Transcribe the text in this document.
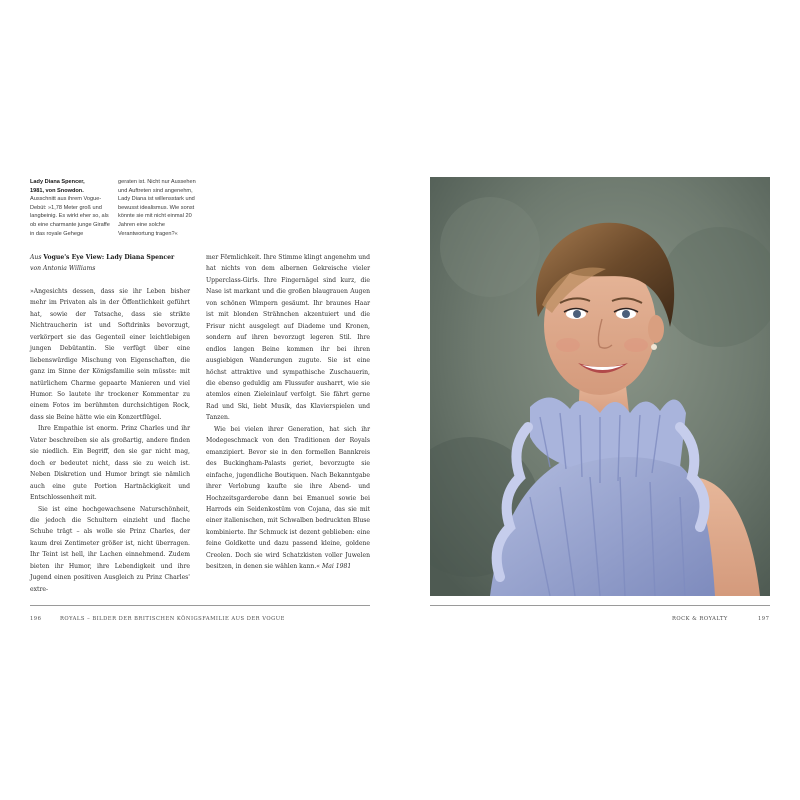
Lady Diana Spencer,
1981, von Snowdon.
Ausschnitt aus ihrem Vogue-Debüt: »1,78 Meter groß und langbeinig. Es wirkt eher so, als ob eine charmante junge Giraffe in das royale Gehege
geraten ist. Nicht nur Aussehen und Auftreten sind angenehm, Lady Diana ist willensstark und bewusst idealismus. Wie sonst könnte sie mit nicht einmal 20 Jahren eine solche Verantwortung tragen?«

Aus Vogue's Eye View: Lady Diana Spencer

von Antonia Williams

»Angesichts dessen, dass sie ihr Leben bisher mehr im Privaten als in der Öffentlichkeit geführt hat, sowie der Tatsache, dass sie strikte Nichtraucherin ist und Softdrinks bevorzugt, verkörpert sie das Gegenteil einer leichtlebigen jungen Debütantin. Sie verfügt über eine liebenswürdige Mischung von Eigenschaften, die ganz im Sinne der Königsfamilie sein müsste: mit natürlichem Charme gepaarte Manieren und viel Humor. So lautete ihr trockener Kommentar zu einem Fotos im berühmten durchsichtigen Rock, dass sie Beine hätte wie ein Konzertflügel.

Ihre Empathie ist enorm. Prinz Charles und ihr Vater beschreiben sie als großartig, andere finden sie niedlich. Ein Begriff, den sie gar nicht mag, doch er bedeutet nicht, dass sie zu weich ist. Neben Diskretion und Humor bringt sie nämlich auch eine gute Portion Hartnäckigkeit und Entschlossenheit mit.

Sie ist eine hochgewachsene Naturschönheit, die jedoch die Schultern einzieht und flache Schuhe trägt – als wolle sie Prinz Charles, der kaum drei Zentimeter größer ist, nicht überragen. Ihr Teint ist hell, ihr Lachen einnehmend. Zudem bieten ihr Humor, ihre Lebendigkeit und ihre Jugend einen positiven Ausgleich zu Prinz Charles' extre-

mer Förmlichkeit. Ihre Stimme klingt angenehm und hat nichts von dem albernen Gekreische vieler Upperclass-Girls. Ihre Fingernägel sind kurz, die Nase ist markant und die großen blaugrauen Augen von schönen Wimpern gesäumt. Ihr braunes Haar ist mit blonden Strähnchen akzentuiert und die Frisur nicht ausgelegt auf Diademe und Kronen, sondern auf ihren bevorzugt legeren Stil. Ihre endlos langen Beine kommen ihr bei ihren ausgiebigen Wanderungen zugute. Sie ist eine höchst attraktive und sympathische Zuschauerin, die ebenso geduldig am Flussufer ausharrt, wie sie atemlos einen Zieleinlauf verfolgt. Sie fährt gerne Rad und Ski, liebt Musik, das Klavierspielen und Tanzen.

Wie bei vielen ihrer Generation, hat sich ihr Modegeschmack von den Traditionen der Royals emanzipiert. Bevor sie in den formellen Bannkreis des Buckingham-Palasts geriet, bevorzugte sie einfache, jugendliche Boutiquen. Nach Bekanntgabe ihrer Verlobung kaufte sie ihre Abend- und Hochzeitsgarderobe dann bei Emanuel sowie bei Harrods ein Seidenkostüm von Cojana, das sie mit einer italienischen, mit Schwalben bedruckten Bluse kombinierte. Ihr Schmuck ist dezent geblieben: eine feine Goldkette und dazu passend kleine, goldene Creolen. Doch sie wird Schatzkisten voller Juwelen besitzen, in denen sie wählen kann.« Mai 1981

196	ROYALS – BILDER DER BRITISCHEN KÖNIGSFAMILIE AUS DER VOGUE	ROCK & ROYALTY	197
